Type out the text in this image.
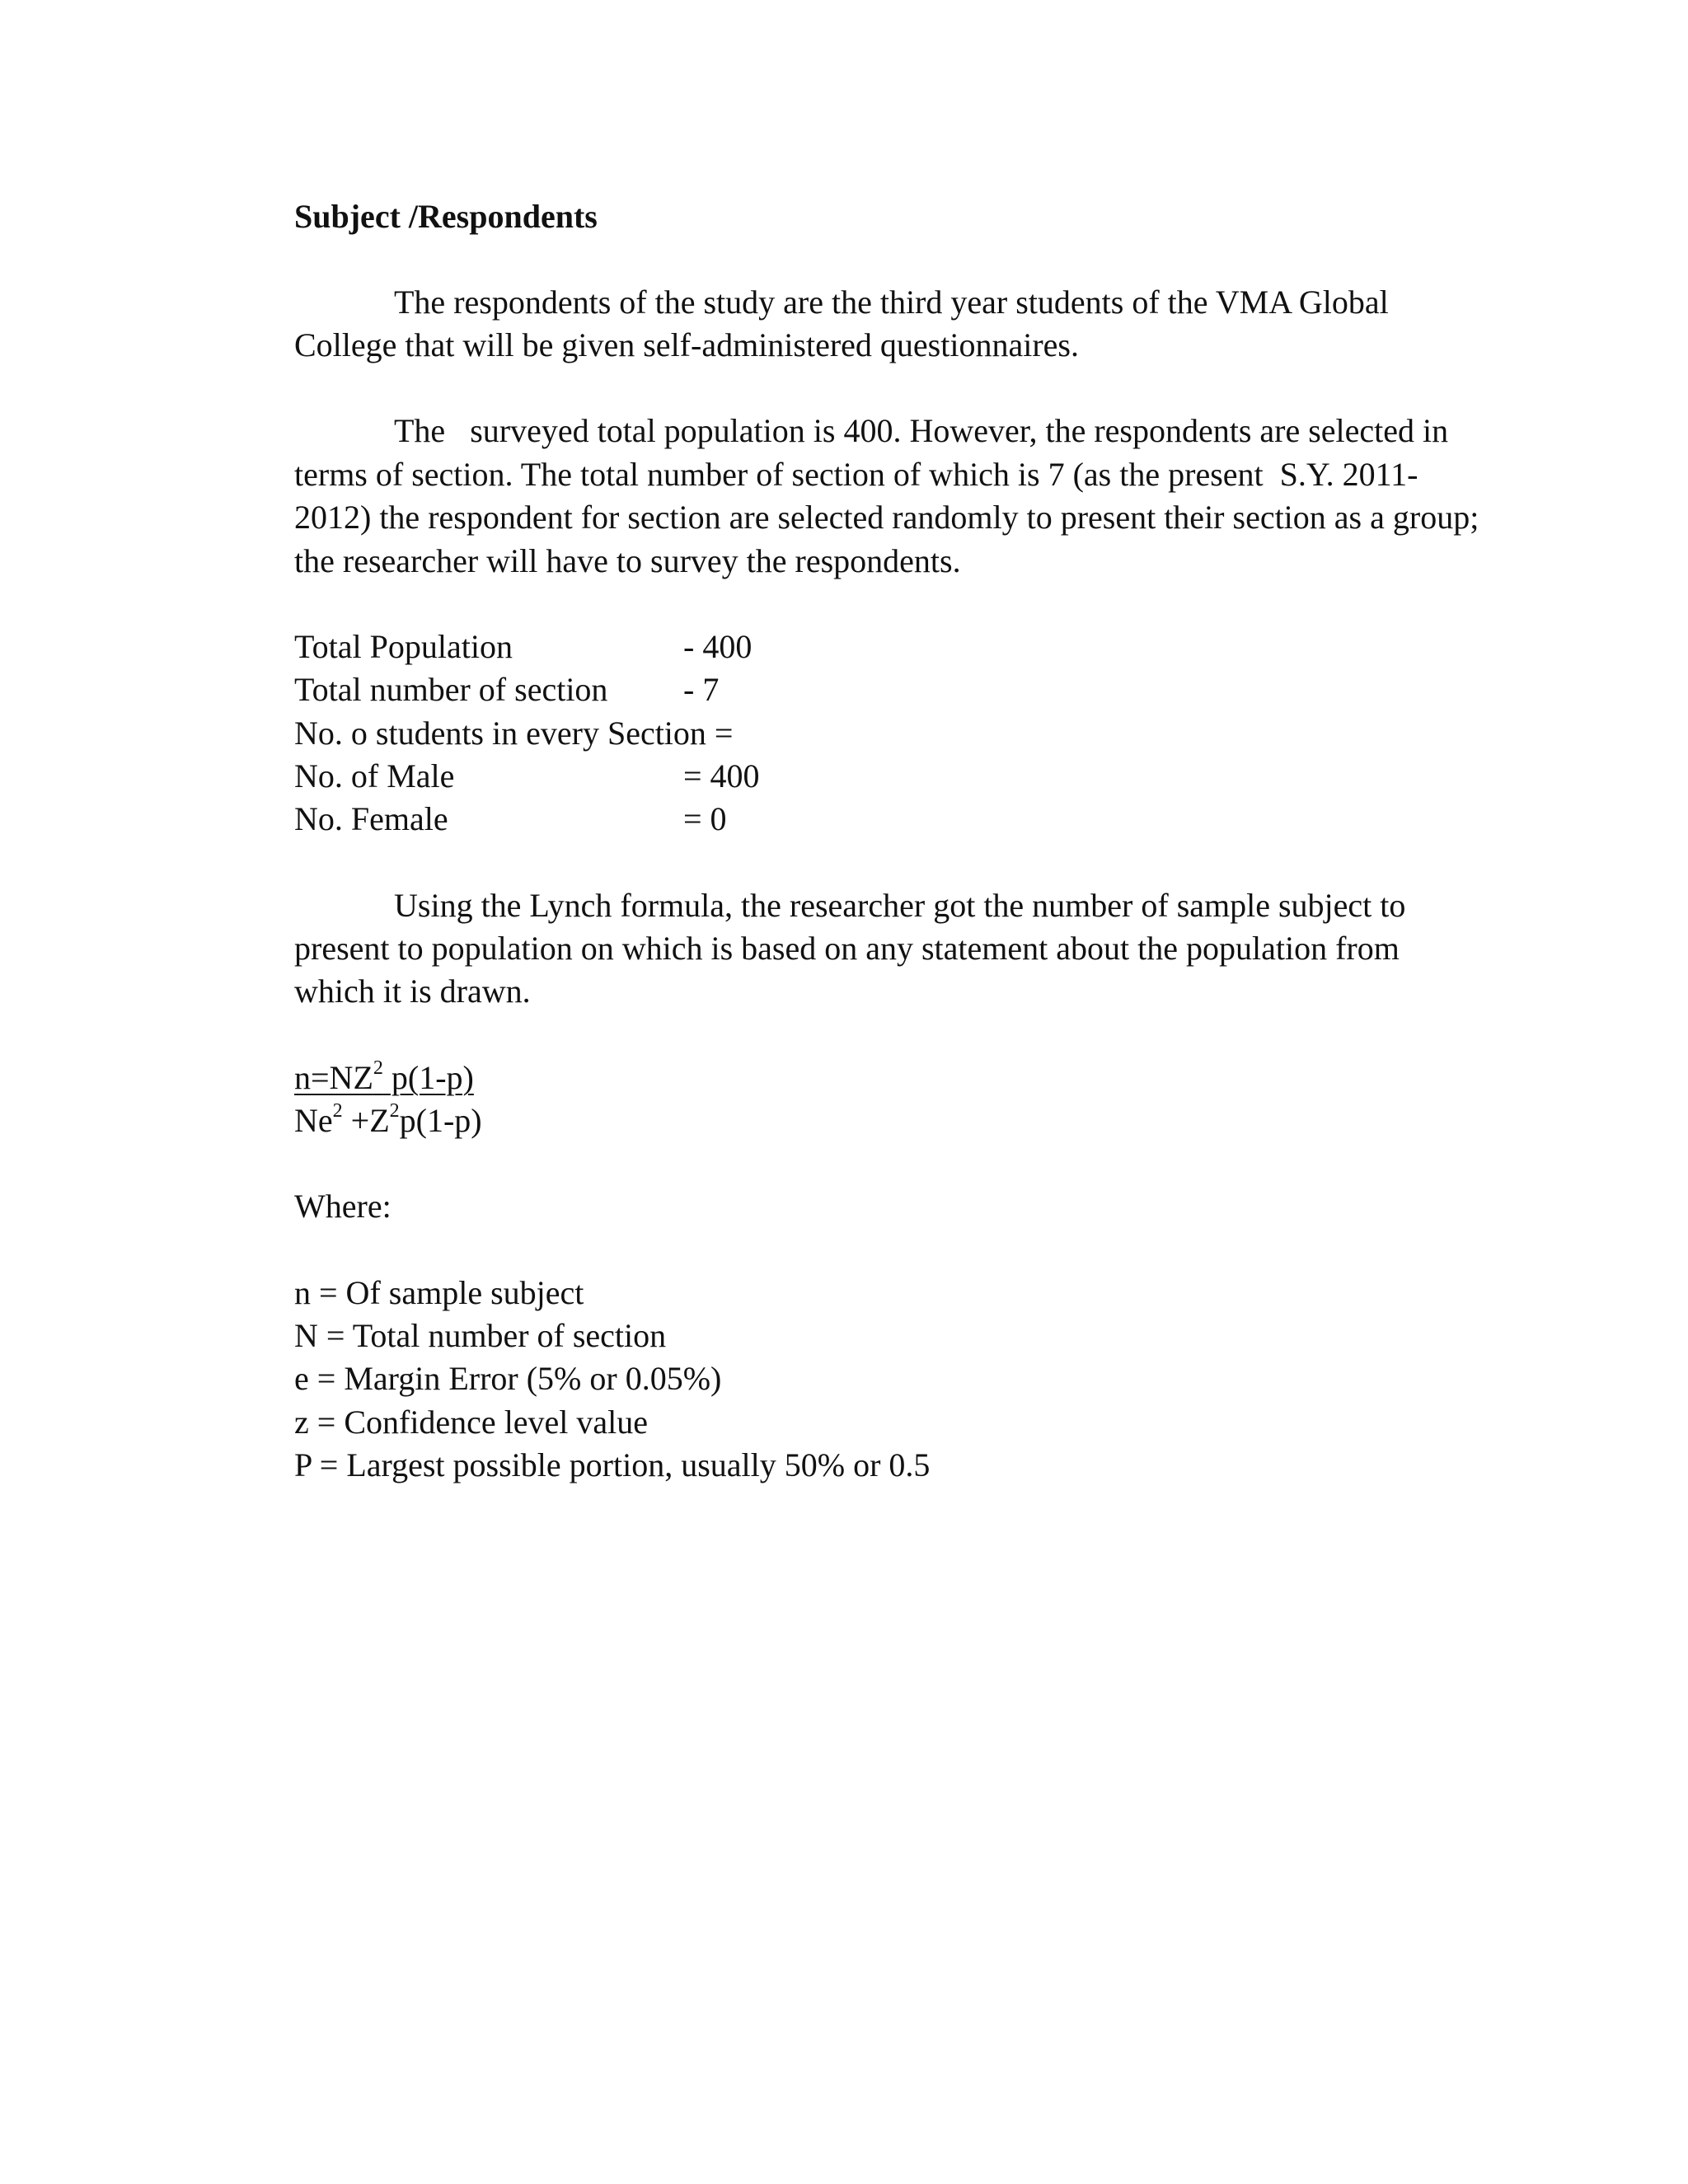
Subject /Respondents
The respondents of the study are the third year students of the VMA Global
College that will be given self-administered questionnaires.
The   surveyed total population is 400. However, the respondents are selected in
terms of section. The total number of section of which is 7 (as the present  S.Y. 2011-
2012) the respondent for section are selected randomly to present their section as a group;
the researcher will have to survey the respondents.
Total Population	- 400
Total number of section - 7
No. o students in every Section =
No. of Male	= 400
No. Female	= 0
Using the Lynch formula, the researcher got the number of sample subject to
present to population on which is based on any statement about the population from
which it is drawn.
$n=NZ^2$ p(1-p)
$Ne^2 +Z^2p(1-p)$
Where:
n = Of sample subject
N = Total number of section
e = Margin Error (5% or 0.05%)
z = Confidence level value
P = Largest possible portion, usually 50% or 0.5
